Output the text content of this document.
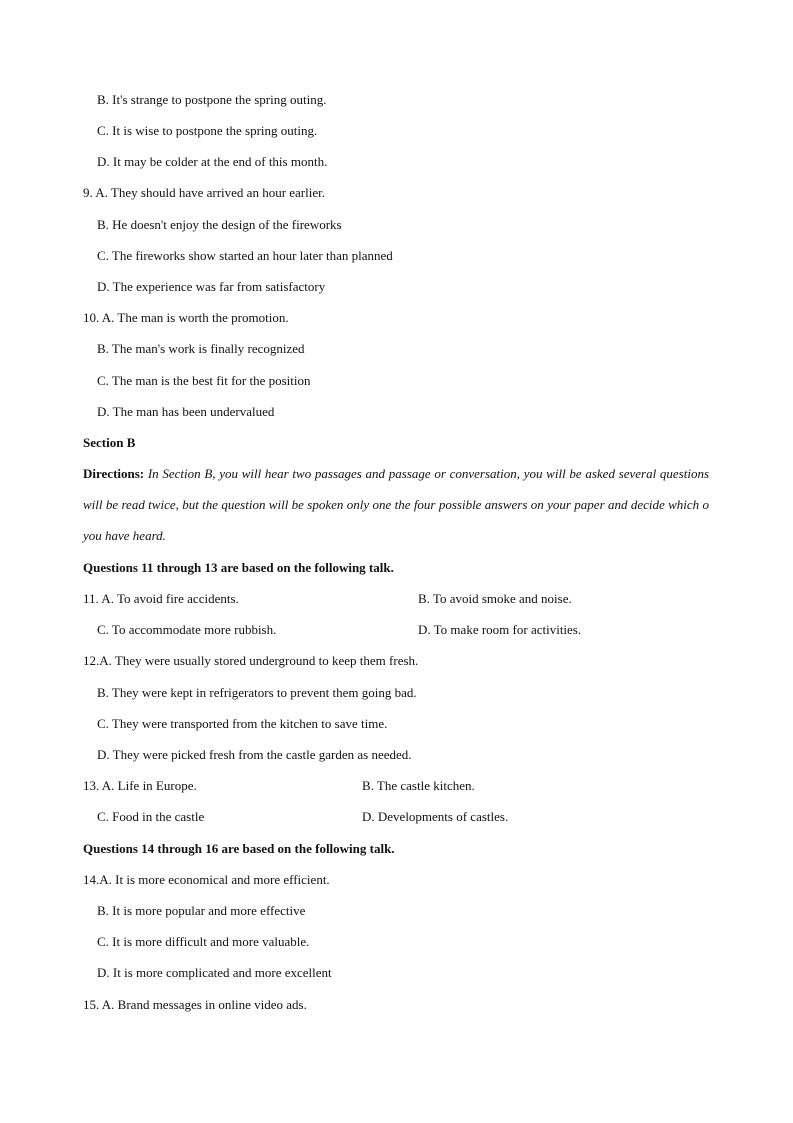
B. It's strange to postpone the spring outing.
C. It is wise to postpone the spring outing.
D. It may be colder at the end of this month.
9. A. They should have arrived an hour earlier.
B. He doesn't enjoy the design of the fireworks
C. The fireworks show started an hour later than planned
D. The experience was far from satisfactory
10. A. The man is worth the promotion.
B. The man's work is finally recognized
C. The man is the best fit for the position
D. The man has been undervalued
Section B
Directions: In Section B, you will hear two passages and passage or conversation, you will be asked several questions will be read twice, but the question will be spoken only one the four possible answers on your paper and decide which o you have heard.
Questions 11 through 13 are based on the following talk.
11. A. To avoid fire accidents.	B. To avoid smoke and noise.
C. To accommodate more rubbish.	D. To make room for activities.
12.A. They were usually stored underground to keep them fresh.
B. They were kept in refrigerators to prevent them going bad.
C. They were transported from the kitchen to save time.
D. They were picked fresh from the castle garden as needed.
13. A. Life in Europe.	B. The castle kitchen.
C. Food in the castle	D. Developments of castles.
Questions 14 through 16 are based on the following talk.
14.A. It is more economical and more efficient.
B. It is more popular and more effective
C. It is more difficult and more valuable.
D. It is more complicated and more excellent
15. A. Brand messages in online video ads.
